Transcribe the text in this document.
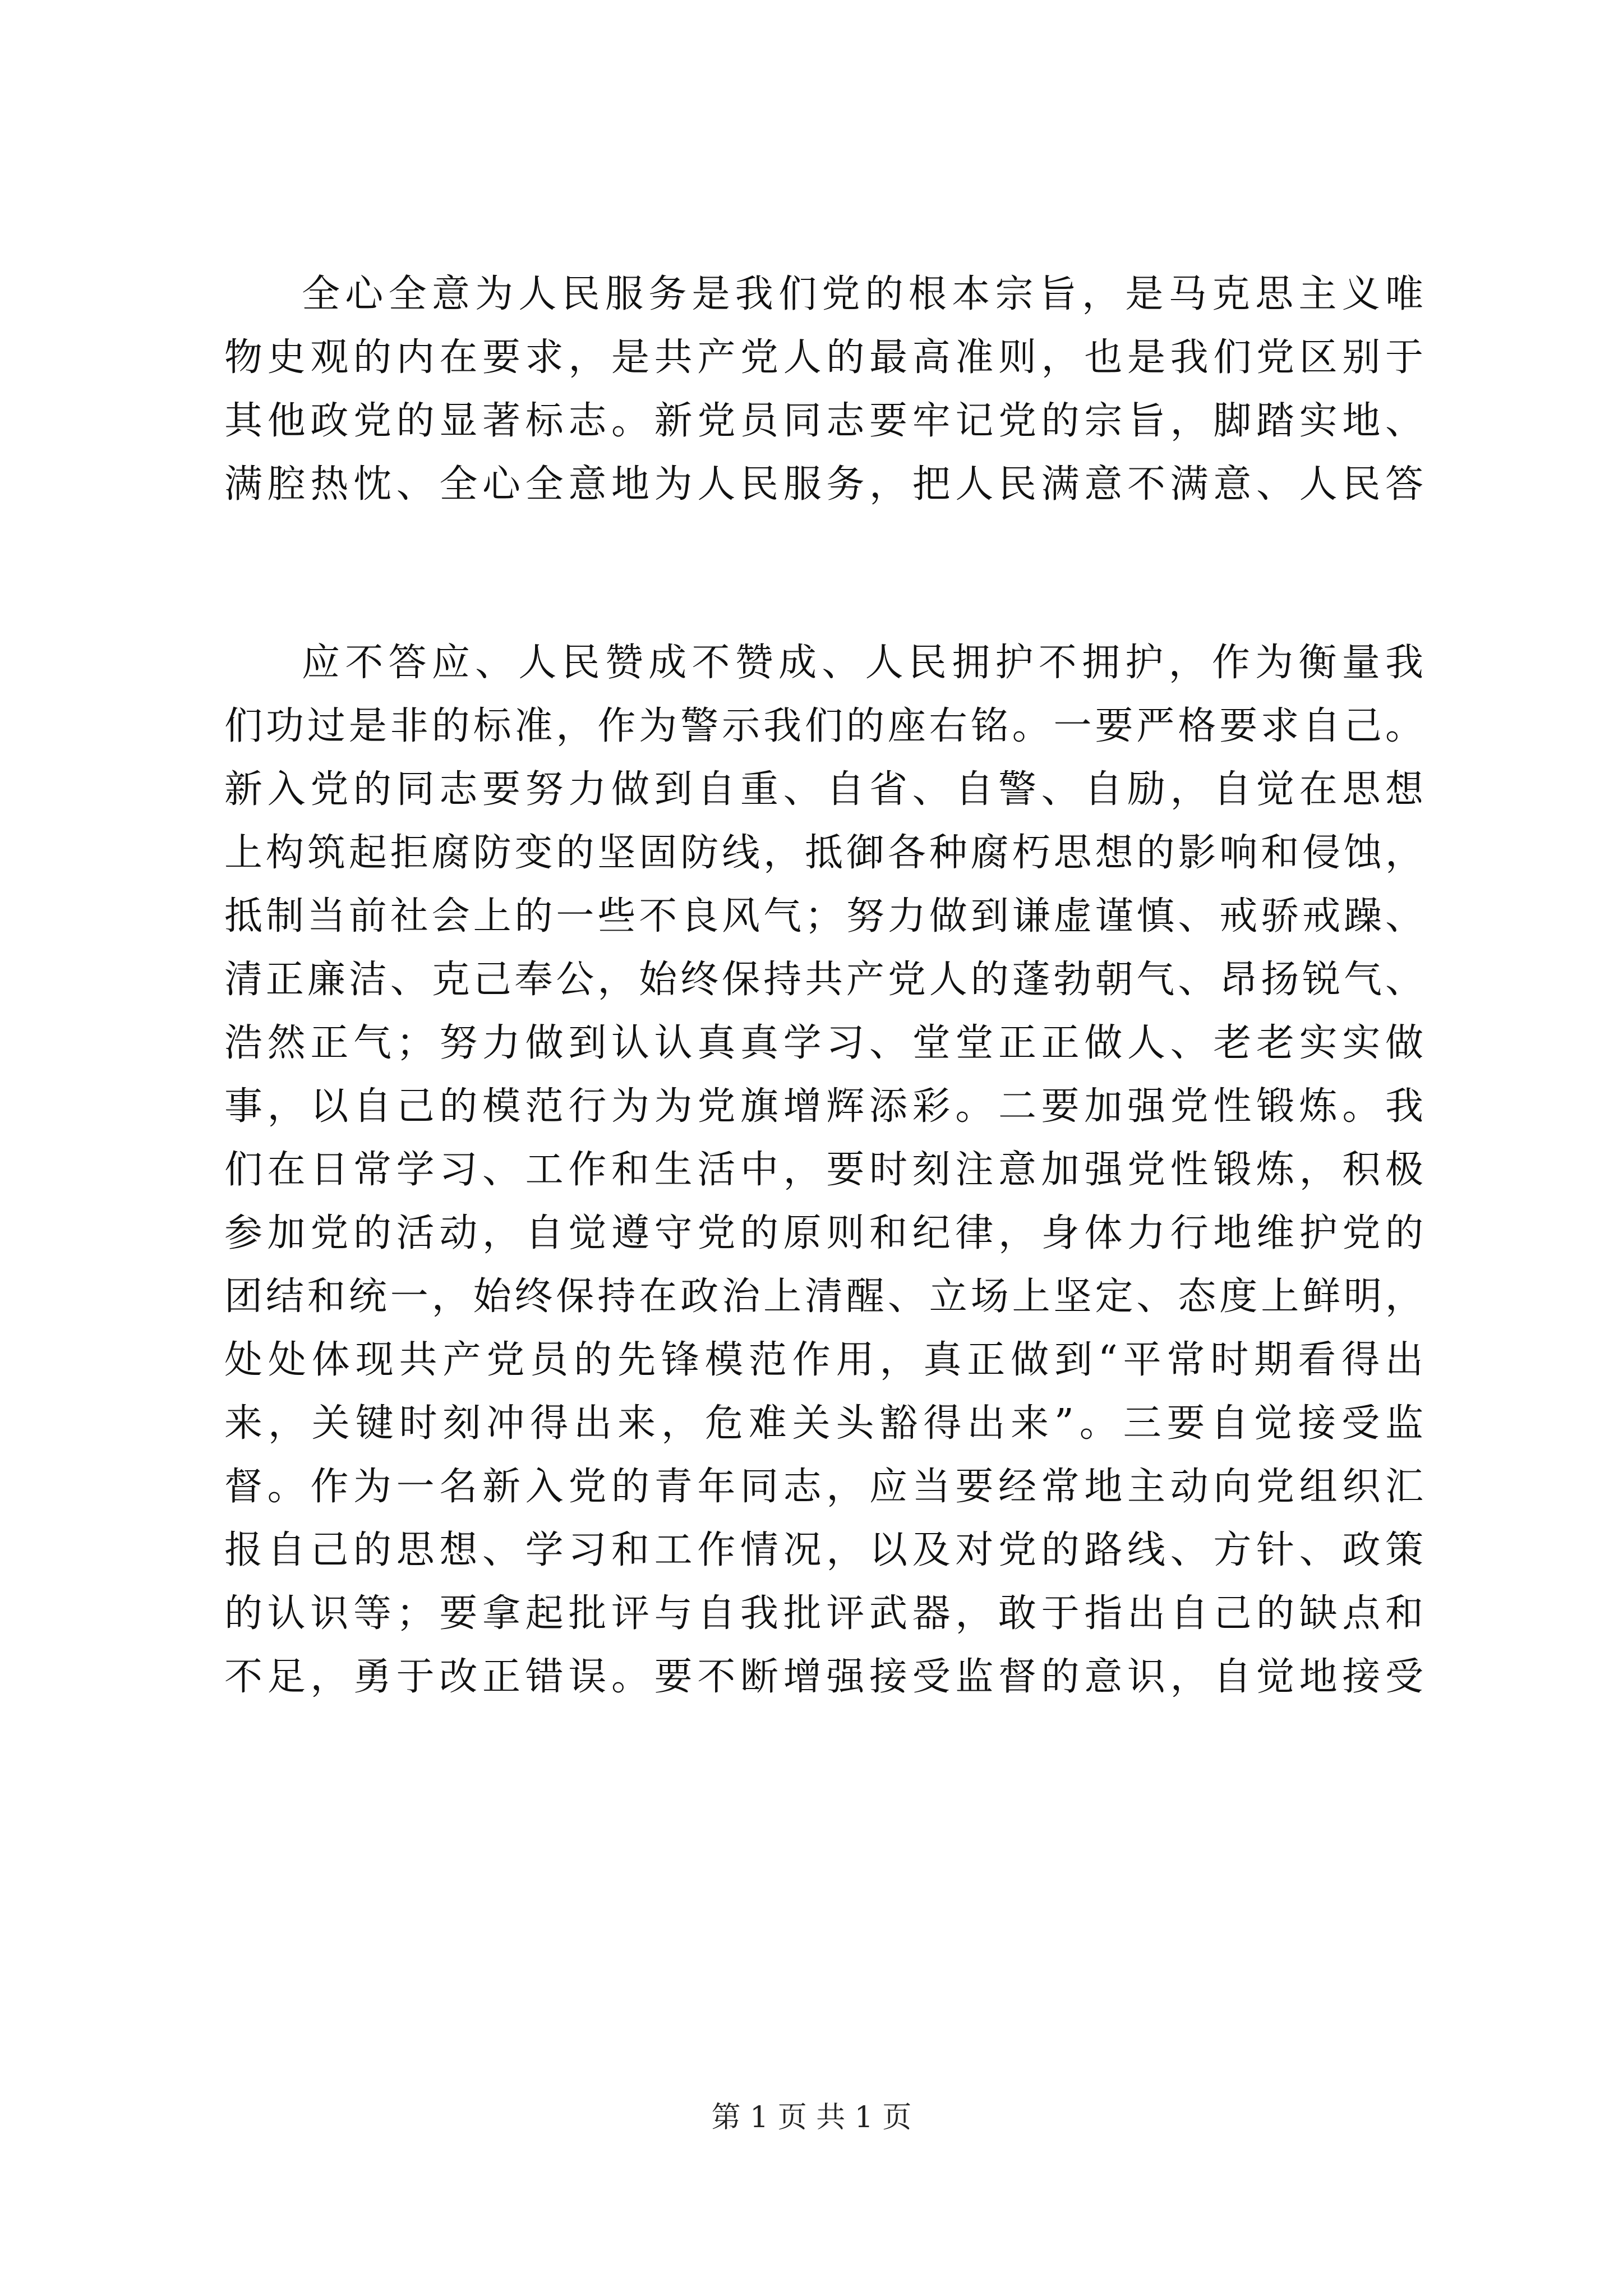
全心全意为人民服务是我们党的根本宗旨，是马克思主义唯
物史观的内在要求，是共产党人的最高准则，也是我们党区别于
其他政党的显著标志。新党员同志要牢记党的宗旨，脚踏实地、
满腔热忱、全心全意地为人民服务，把人民满意不满意、人民答
应不答应、人民赞成不赞成、人民拥护不拥护，作为衡量我
们功过是非的标准，作为警示我们的座右铭。一要严格要求自己。
新入党的同志要努力做到自重、自省、自警、自励，自觉在思想
上构筑起拒腐防变的坚固防线，抵御各种腐朽思想的影响和侵蚀，
抵制当前社会上的一些不良风气；努力做到谦虚谨慎、戒骄戒躁、
清正廉洁、克己奉公，始终保持共产党人的蓬勃朝气、昂扬锐气、
浩然正气；努力做到认认真真学习、堂堂正正做人、老老实实做
事，以自己的模范行为为党旗增辉添彩。二要加强党性锻炼。我
们在日常学习、工作和生活中，要时刻注意加强党性锻炼，积极
参加党的活动，自觉遵守党的原则和纪律，身体力行地维护党的
团结和统一，始终保持在政治上清醒、立场上坚定、态度上鲜明，
处处体现共产党员的先锋模范作用，真正做到“平常时期看得出
来，关键时刻冲得出来，危难关头豁得出来”。三要自觉接受监
督。作为一名新入党的青年同志，应当要经常地主动向党组织汇
报自己的思想、学习和工作情况，以及对党的路线、方针、政策
的认识等；要拿起批评与自我批评武器，敢于指出自己的缺点和
不足，勇于改正错误。要不断增强接受监督的意识，自觉地接受
第 1 页 共 1 页
